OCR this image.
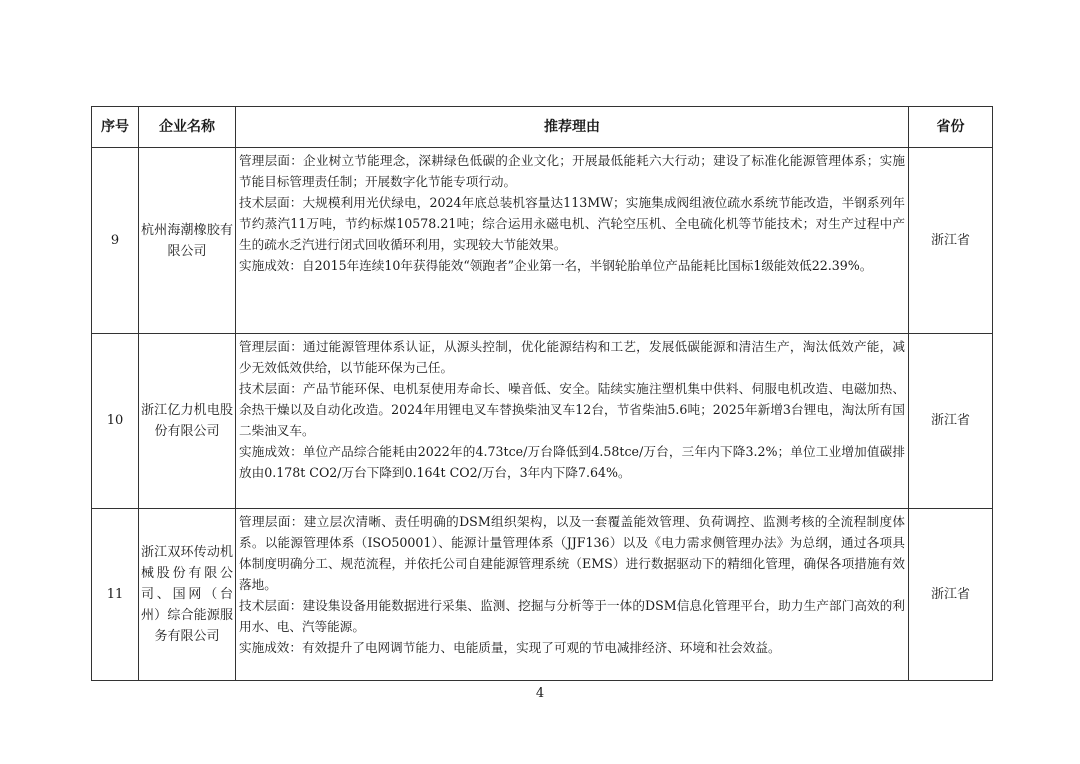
序号	企业名称	推荐理由	省份
9	杭州海潮橡胶有限公司	管理层面：企业树立节能理念，深耕绿色低碳的企业文化；开展最低能耗六大行动；建设了标准化能源管理体系；实施节能目标管理责任制；开展数字化节能专项行动。

技术层面：大规模利用光伏绿电，2024年底总装机容量达113MW；实施集成阀组液位疏水系统节能改造，半钢系列年节约蒸汽11万吨，节约标煤10578.21吨；综合运用永磁电机、汽轮空压机、全电硫化机等节能技术；对生产过程中产生的疏水乏汽进行闭式回收循环利用，实现较大节能效果。

实施成效：自2015年连续10年获得能效“领跑者”企业第一名，半钢轮胎单位产品能耗比国标1级能效低22.39%。	浙江省
10	浙江亿力机电股份有限公司	管理层面：通过能源管理体系认证，从源头控制，优化能源结构和工艺，发展低碳能源和清洁生产，淘汰低效产能，减少无效低效供给，以节能环保为己任。

技术层面：产品节能环保、电机泵使用寿命长、噪音低、安全。陆续实施注塑机集中供料、伺服电机改造、电磁加热、余热干燥以及自动化改造。2024年用锂电叉车替换柴油叉车12台，节省柴油5.6吨；2025年新增3台锂电，淘汰所有国二柴油叉车。

实施成效：单位产品综合能耗由2022年的4.73tce/万台降低到4.58tce/万台，三年内下降3.2%；单位工业增加值碳排放由0.178t CO2/万台下降到0.164t CO2/万台，3年内下降7.64%。	浙江省
11	浙江双环传动机械股份有限公司、国网（台州）综合能源服务有限公司	管理层面：建立层次清晰、责任明确的DSM组织架构，以及一套覆盖能效管理、负荷调控、监测考核的全流程制度体系。以能源管理体系（ISO50001）、能源计量管理体系（JJF136）以及《电力需求侧管理办法》为总纲，通过各项具体制度明确分工、规范流程，并依托公司自建能源管理系统（EMS）进行数据驱动下的精细化管理，确保各项措施有效落地。

技术层面：建设集设备用能数据进行采集、监测、挖掘与分析等于一体的DSM信息化管理平台，助力生产部门高效的利用水、电、汽等能源。

实施成效：有效提升了电网调节能力、电能质量，实现了可观的节电减排经济、环境和社会效益。	浙江省
4
